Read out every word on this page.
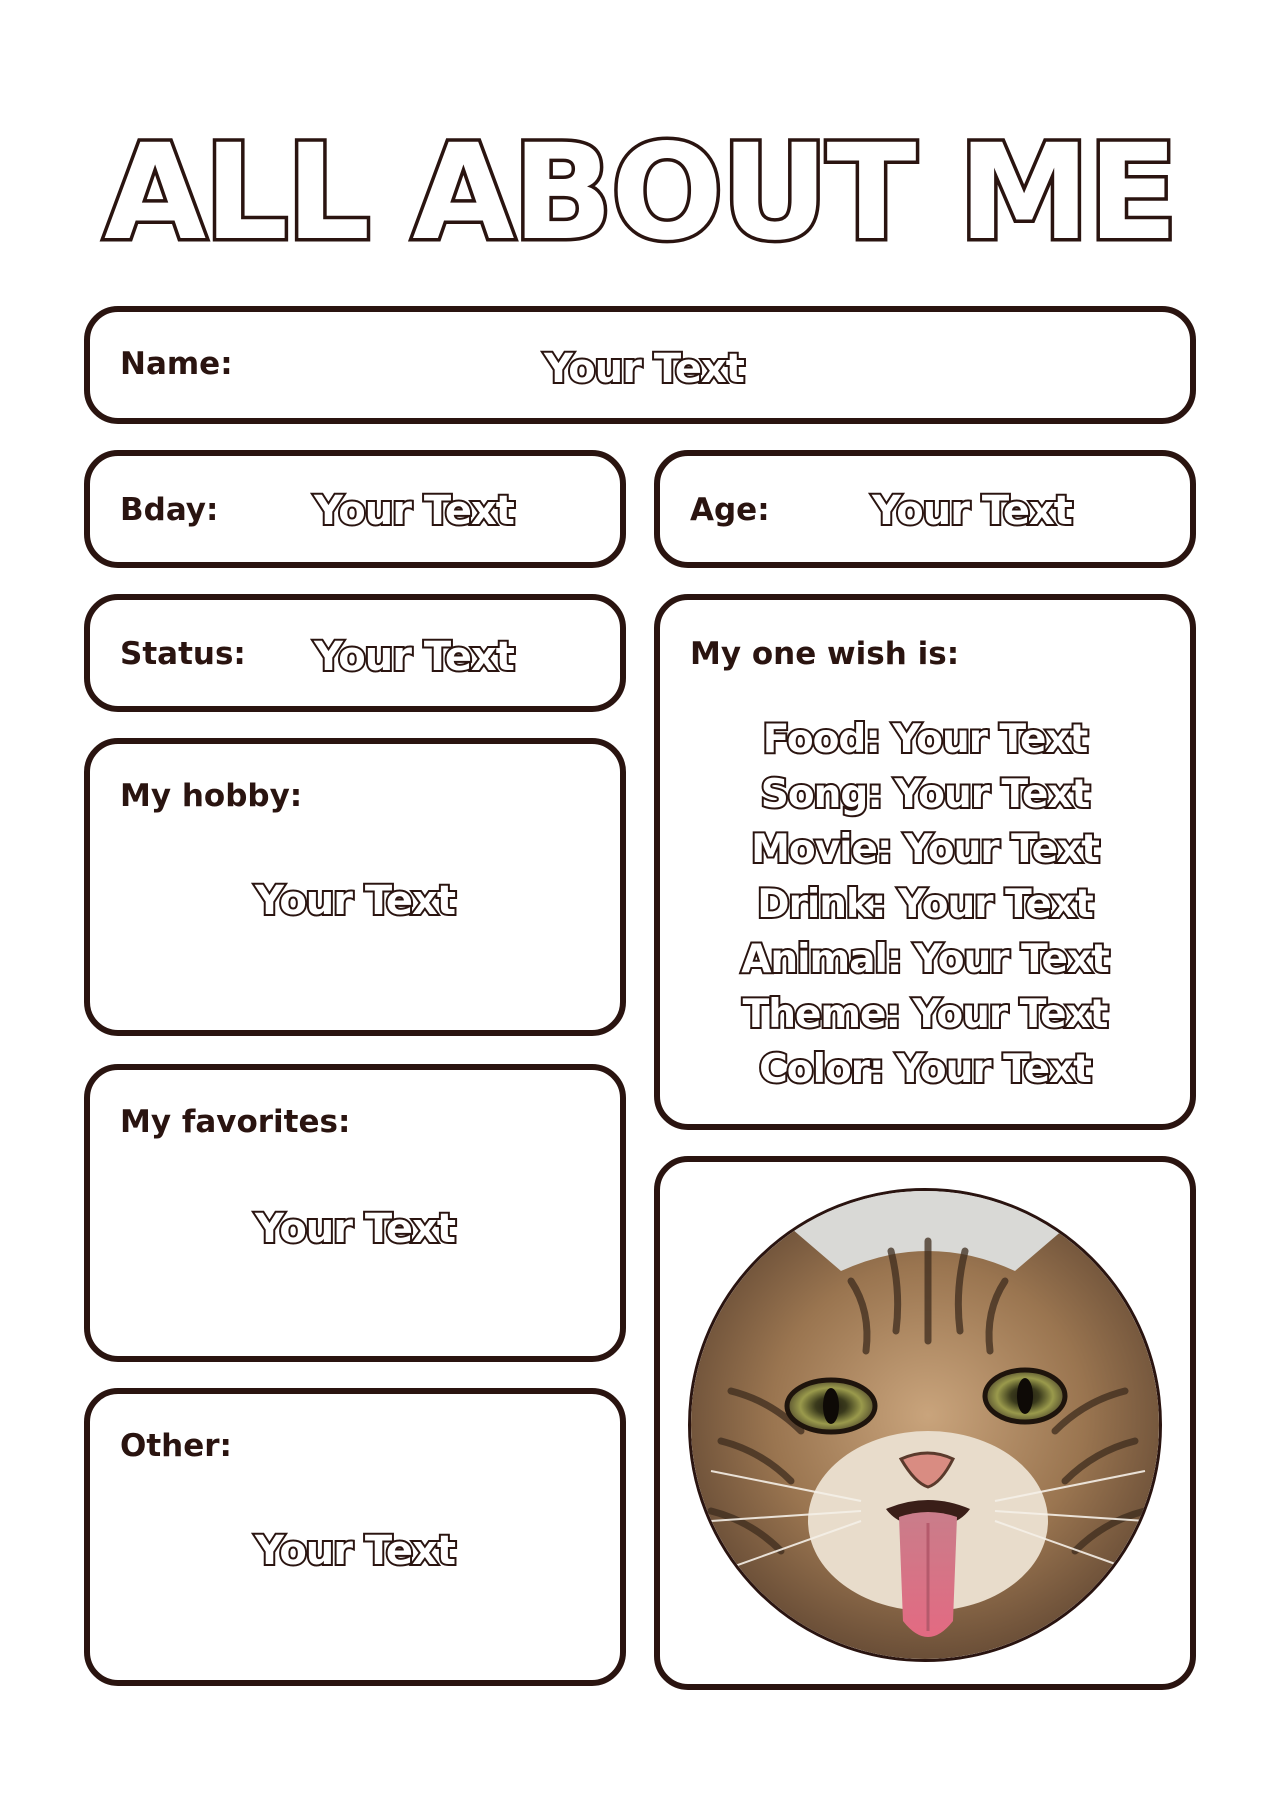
ALL ABOUT ME
Name:	Your Text
Bday: Your Text	Age:	Your Text
Status: Your Text	My one wish is:
Food: Your Text
Song: Your Text
Movie: Your Text
Drink: Your Text
Animal: Your Text
Theme: Your Text
Color: Your Text
My hobby:
Your Text
My favorites:
Your Text
Other:
Your Text
